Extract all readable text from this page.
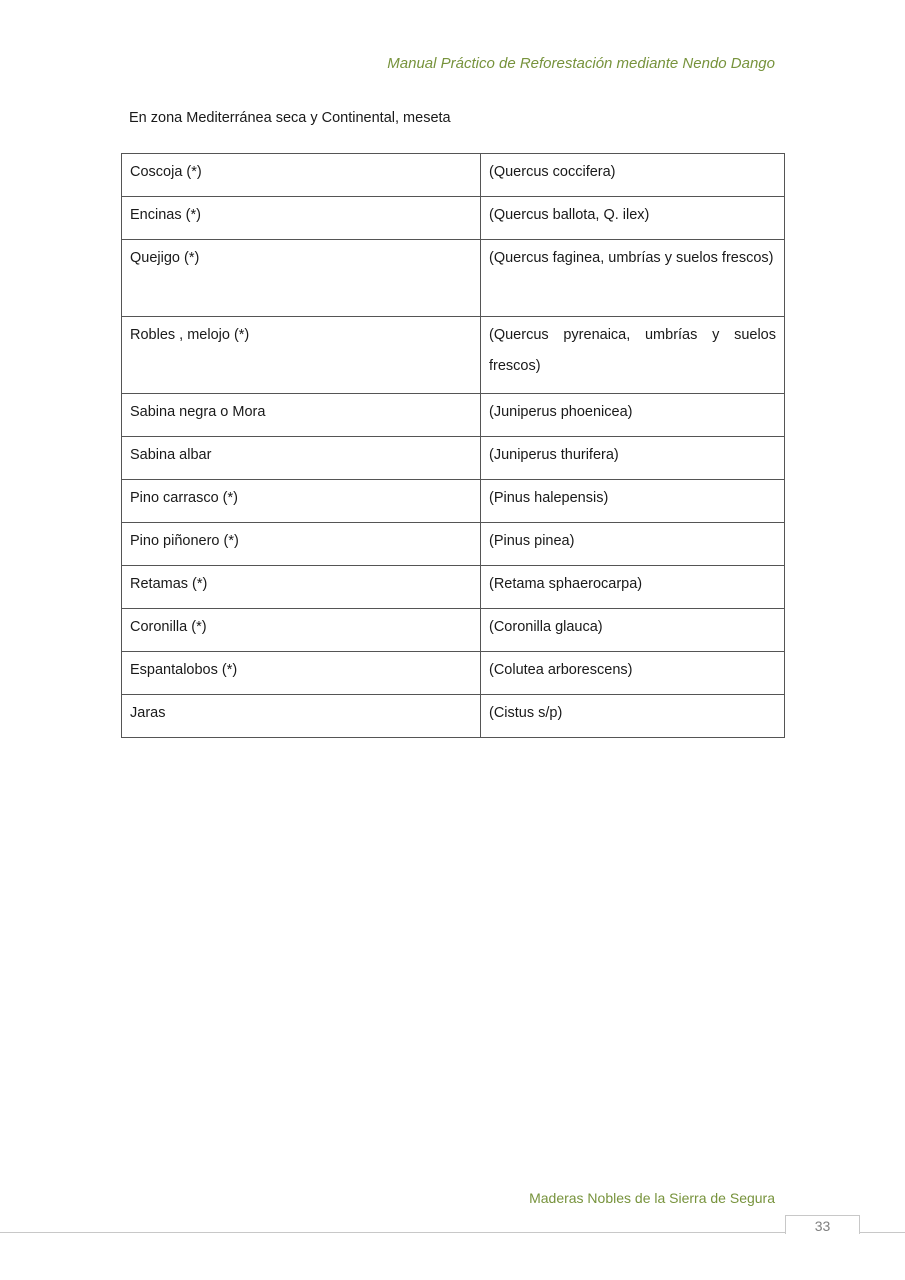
Manual Práctico de Reforestación mediante Nendo Dango
En zona Mediterránea seca y Continental, meseta
Coscoja (*)	(Quercus coccifera)
Encinas (*)	(Quercus ballota, Q. ilex)
Quejigo (*)	(Quercus faginea, umbrías y suelos frescos)
Robles , melojo (*)	(Quercus pyrenaica, umbrías y suelos frescos)
Sabina negra o Mora	(Juniperus phoenicea)
Sabina albar	(Juniperus thurifera)
Pino carrasco (*)	(Pinus halepensis)
Pino piñonero (*)	(Pinus pinea)
Retamas (*)	(Retama sphaerocarpa)
Coronilla (*)	(Coronilla glauca)
Espantalobos (*)	(Colutea arborescens)
Jaras	(Cistus s/p)
Maderas Nobles de la Sierra de Segura
33
